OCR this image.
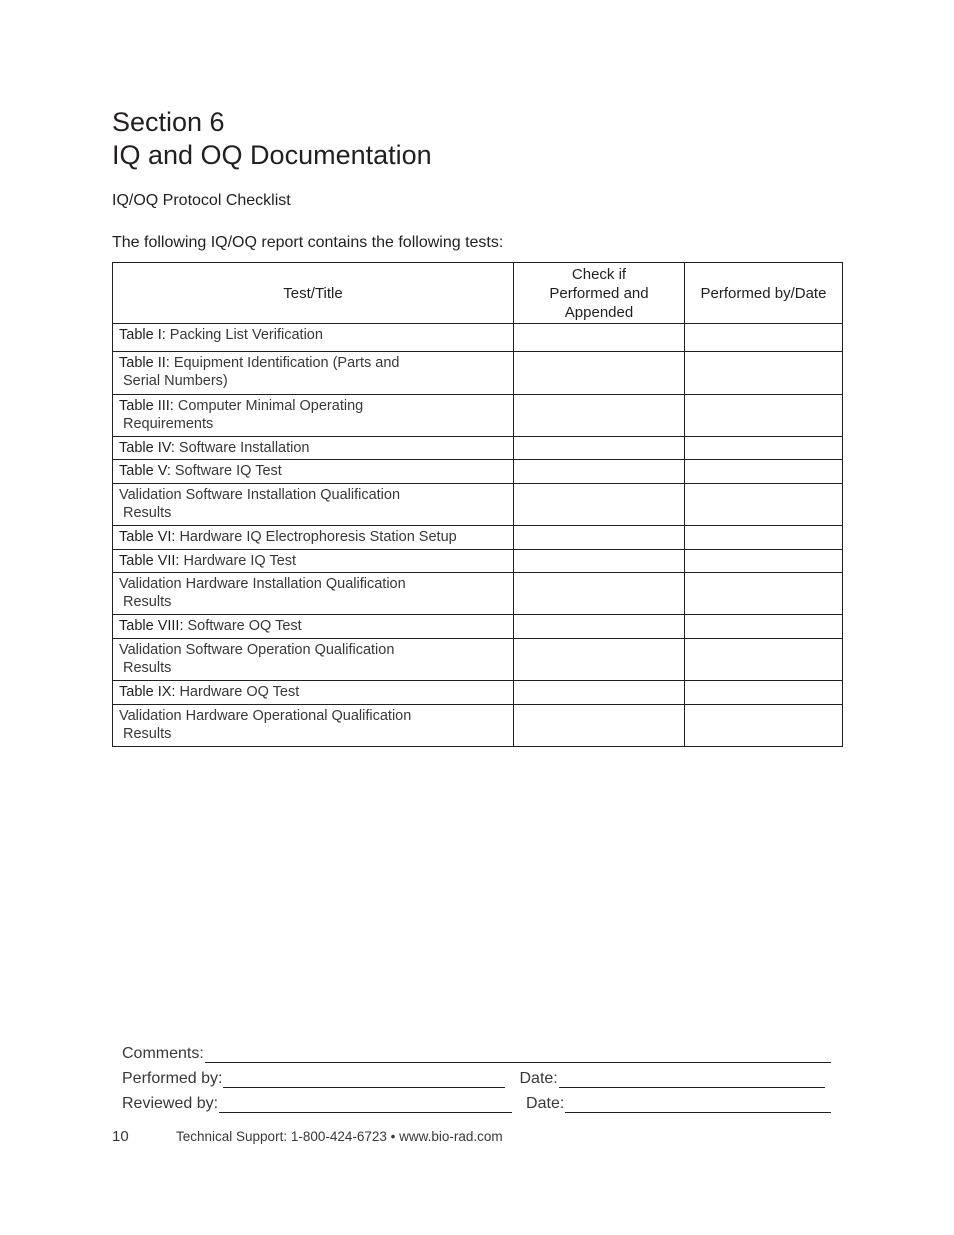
Section 6
IQ and OQ Documentation
IQ/OQ Protocol Checklist
The following IQ/OQ report contains the following tests:
Test/Title	Check if Performed and Appended	Performed by/Date
Table I: Packing List Verification		
Table II: Equipment Identification (Parts and
Serial Numbers)		
Table III: Computer Minimal Operating
Requirements		
Table IV: Software Installation		
Table V: Software IQ Test		
Validation Software Installation Qualification
Results		
Table VI: Hardware IQ Electrophoresis Station Setup		
Table VII: Hardware IQ Test		
Validation Hardware Installation Qualification
Results		
Table VIII: Software OQ Test		
Validation Software Operation Qualification
Results		
Table IX: Hardware OQ Test		
Validation Hardware Operational Qualification
Results		
Comments:
Performed by:	Date:
Reviewed by:	Date:
10	Technical Support: 1-800-424-6723 • www.bio-rad.com
